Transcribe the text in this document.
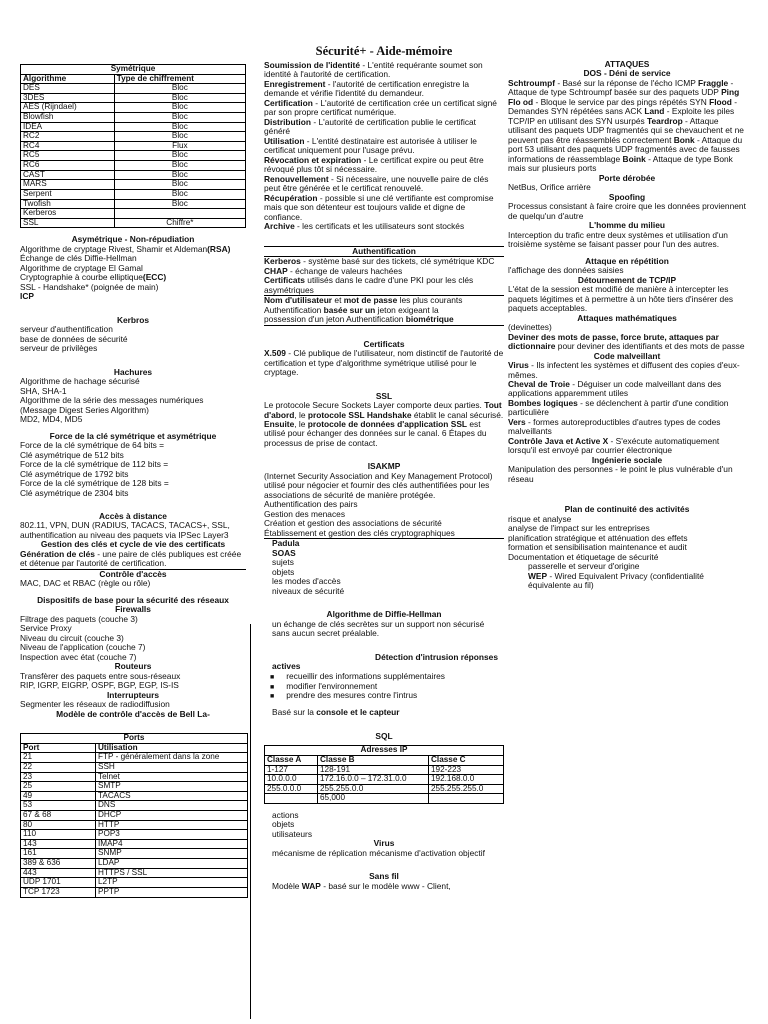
Sécurité+ - Aide-mémoire
Symétrique	
Algorithme	Type de chiffrement
DES	Bloc
3DES	Bloc
AES (Rijndael)	Bloc
Blowfish	Bloc
IDEA	Bloc
RC2	Bloc
RC4	Flux
RC5	Bloc
RC6	Bloc
CAST	Bloc
MARS	Bloc
Serpent	Bloc
Twofish	Bloc
Kerberos	
SSL	Chiffre*

Asymétrique - Non-répudiation

Algorithme de cryptage Rivest, Shamir et Aldeman(RSA)

Échange de clés Diffie-Hellman

Algorithme de cryptage El Gamal

Cryptographie à courbe elliptique(ECC)

SSL - Handshake* (poignée de main)

ICP

Kerbros

serveur d'authentification

base de données de sécurité

serveur de privilèges

Hachures

Algorithme de hachage sécurisé

SHA, SHA-1

Algorithme de la série des messages numériques

(Message Digest Series Algorithm)

MD2, MD4, MD5

Force de la clé symétrique et asymétrique

Force de la clé symétrique de 64 bits =

Clé asymétrique de 512 bits

Force de la clé symétrique de 112 bits =

Clé asymétrique de 1792 bits

Force de la clé symétrique de 128 bits =

Clé asymétrique de 2304 bits

Accès à distance

802.11, VPN, DUN (RADIUS, TACACS, TACACS+, SSL, authentification au niveau des paquets via IPSec Layer3

Gestion des clés et cycle de vie des certificats

Génération de clés - une paire de clés publiques est créée et détenue par l'autorité de certification.

Contrôle d'accès

MAC, DAC et RBAC (règle ou rôle)

Dispositifs de base pour la sécurité des réseaux

Firewalls

Filtrage des paquets (couche 3)

Service Proxy

Niveau du circuit (couche 3)

Niveau de l'application (couche 7)

Inspection avec état (couche 7)

Routeurs

Transfèrer des paquets entre sous-réseaux

RIP, IGRP, EIGRP, OSPF, BGP, EGP, IS-IS

Interrupteurs

Segmenter les réseaux de radiodiffusion

Modèle de contrôle d'accès de Bell La-

Ports	
Port	Utilisation
21	FTP - généralement dans la zone
22	SSH
23	Telnet
25	SMTP
49	TACACS
53	DNS
67 & 68	DHCP
80	HTTP
110	POP3
143	IMAP4
161	SNMP
389 & 636	LDAP
443	HTTPS / SSL
UDP 1701	L2TP
TCP 1723	PPTP

Soumission de l'identité - L'entité requérante soumet son identité à l'autorité de certification.

Enregistrement - l'autorité de certification enregistre la demande et vérifie l'identité du demandeur.

Certification - L'autorité de certification crée un certificat signé par son propre certificat numérique.

Distribution - L'autorité de certification publie le certificat généré

Utilisation - L'entité destinataire est autorisée à utiliser le certificat uniquement pour l'usage prévu.

Révocation et expiration - Le certificat expire ou peut être révoqué plus tôt si nécessaire.

Renouvellement - Si nécessaire, une nouvelle paire de clés peut être générée et le certificat renouvelé.

Récupération - possible si une clé vertifiante est compromise mais que son détenteur est toujours valide et digne de confiance.

Archive - les certificats et les utilisateurs sont stockés

Authentification

Kerberos - système basé sur des tickets, clé symétrique KDC

CHAP - échange de valeurs hachées

Certificats utilisés dans le cadre d'une PKI pour les clés asymétriques

Nom d'utilisateur et mot de passe les plus courants

Authentification basée sur un jeton exigeant la

possession d'un jeton Authentification biométrique

Certificats

X.509 - Clé publique de l'utilisateur, nom distinctif de l'autorité de certification et type d'algorithme symétrique utilisé pour le cryptage.

SSL

Le protocole Secure Sockets Layer comporte deux parties. Tout d'abord, le protocole SSL Handshake établit le canal sécurisé. Ensuite, le protocole de données d'application SSL est utilisé pour échanger des données sur le canal. 6 Étapes du processus de prise de contact.

ISAKMP

(Internet Security Association and Key Management Protocol) utilisé pour négocier et fournir des clés authentifiées pour les associations de sécurité de manière protégée.

Authentification des pairs

Gestion des menaces

Création et gestion des associations de sécurité

Établissement et gestion des clés cryptographiques

Padula

SOAS

sujets

objets

les modes d'accès

niveaux de sécurité

Algorithme de Diffie-Hellman

un échange de clés secrètes sur un support non sécurisé sans aucun secret préalable.

Détection d'intrusion réponses

actives

■ recueillir des informations supplémentaires
■ modifier l'environnement
■ prendre des mesures contre l'intrus

Basé sur la console et le capteur

SQL

Adresses IP		
Classe A	Classe B	Classe C
1-127	128-191	192-223
10.0.0.0	172.16.0.0 – 172.31.0.0	192.168.0.0
255.0.0.0	255.255.0.0	255.255.255.0
	65,000	

actions

objets

utilisateurs

Virus

mécanisme de réplication mécanisme d'activation objectif

Sans fil

Modèle WAP - basé sur le modèle www - Client,

ATTAQUES

DOS - Déni de service

Schtroumpf - Basé sur la réponse de l'écho ICMP Fraggle - Attaque de type Schtroumpf basée sur des paquets UDP Ping Flo od - Bloque le service par des pings répétés SYN Flood - Demandes SYN répétées sans ACK Land - Exploite les piles TCP/IP en utilisant des SYN usurpés Teardrop - Attaque utilisant des paquets UDP fragmentés qui se chevauchent et ne peuvent pas être réassemblés correctement Bonk - Attaque du port 53 utilisant des paquets UDP fragmentés avec de fausses informations de réassemblage Boink - Attaque de type Bonk mais sur plusieurs ports

Porte dérobée

NetBus, Orifice arrière

Spoofing

Processus consistant à faire croire que les données proviennent de quelqu'un d'autre

L'homme du milieu

Interception du trafic entre deux systèmes et utilisation d'un troisième système se faisant passer pour l'un des autres.

Attaque en répétition

l'affichage des données saisies

Détournement de TCP/IP

L'état de la session est modifié de manière à intercepter les paquets légitimes et à permettre à un hôte tiers d'insérer des paquets acceptables.

Attaques mathématiques

(devinettes)

Deviner des mots de passe, force brute, attaques par dictionnaire pour deviner des identifiants et des mots de passe

Code malveillant

Virus - Ils infectent les systèmes et diffusent des copies d'eux-mêmes.

Cheval de Troie - Déguiser un code malveillant dans des applications apparemment utiles

Bombes logiques - se déclenchent à partir d'une condition particulière

Vers - formes autoreproductibles d'autres types de codes malveillants

Contrôle Java et Active X - S'exécute automatiquement lorsqu'il est envoyé par courrier électronique

Ingénierie sociale

Manipulation des personnes - le point le plus vulnérable d'un réseau

Plan de continuité des activités

risque et analyse

analyse de l'impact sur les entreprises

planification stratégique et atténuation des effets

formation et sensibilisation maintenance et audit

Documentation et étiquetage de sécurité

passerelle et serveur d'origine

WEP - Wired Equivalent Privacy (confidentialité équivalente au fil)
